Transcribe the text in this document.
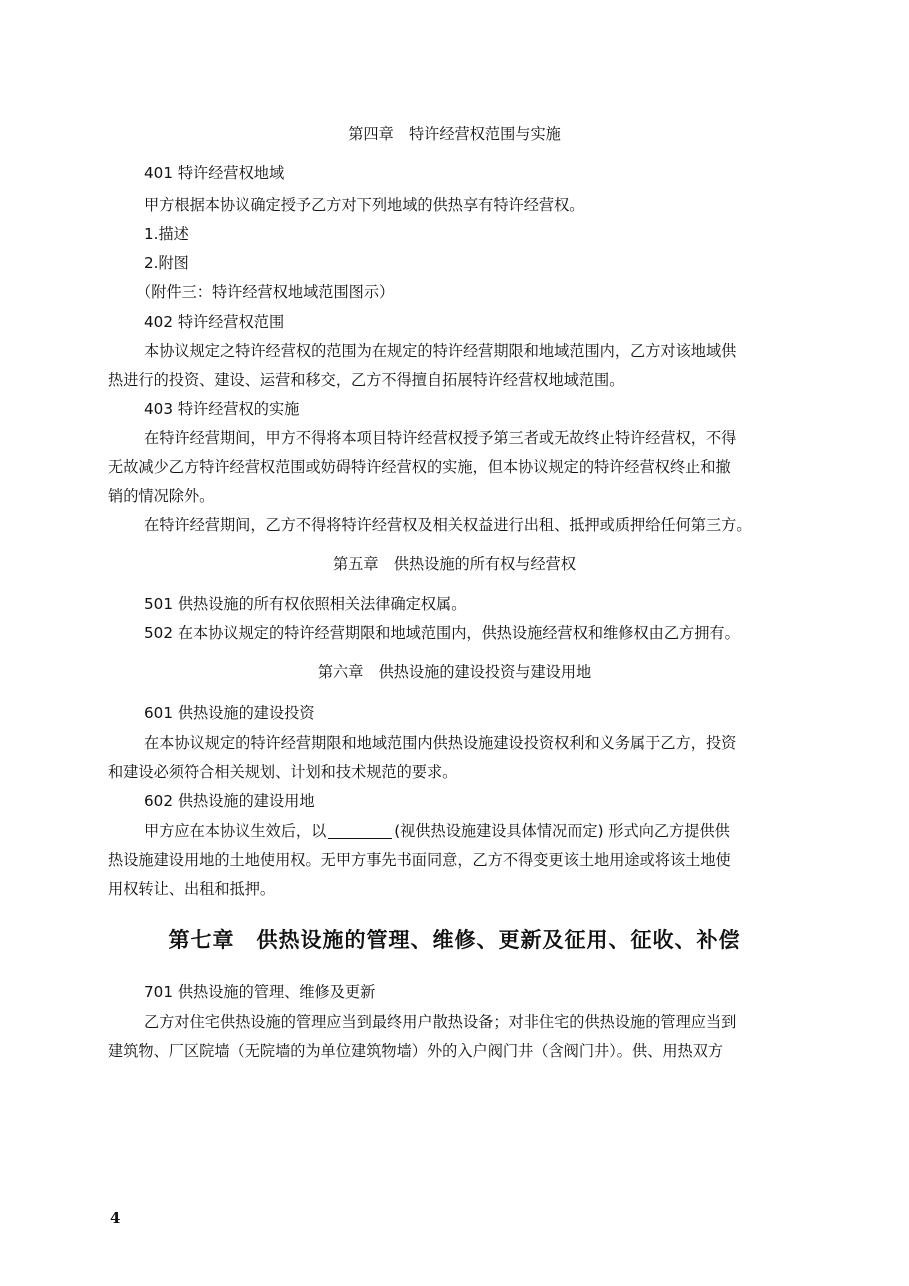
第四章　特许经营权范围与实施
401 特许经营权地域
甲方根据本协议确定授予乙方对下列地域的供热享有特许经营权。
1.描述
2.附图
（附件三：特许经营权地域范围图示）
402 特许经营权范围
本协议规定之特许经营权的范围为在规定的特许经营期限和地域范围内，乙方对该地域供
热进行的投资、建设、运营和移交，乙方不得擅自拓展特许经营权地域范围。
403 特许经营权的实施
在特许经营期间，甲方不得将本项目特许经营权授予第三者或无故终止特许经营权，不得
无故减少乙方特许经营权范围或妨碍特许经营权的实施，但本协议规定的特许经营权终止和撤
销的情况除外。
在特许经营期间，乙方不得将特许经营权及相关权益进行出租、抵押或质押给任何第三方。
第五章　供热设施的所有权与经营权
501 供热设施的所有权依照相关法律确定权属。
502 在本协议规定的特许经营期限和地域范围内，供热设施经营权和维修权由乙方拥有。
第六章　供热设施的建设投资与建设用地
601 供热设施的建设投资
在本协议规定的特许经营期限和地域范围内供热设施建设投资权利和义务属于乙方，投资
和建设必须符合相关规划、计划和技术规范的要求。
602 供热设施的建设用地
甲方应在本协议生效后，以	(视供热设施建设具体情况而定) 形式向乙方提供供
热设施建设用地的土地使用权。无甲方事先书面同意，乙方不得变更该土地用途或将该土地使
用权转让、出租和抵押。
第七章　供热设施的管理、维修、更新及征用、征收、补偿
701 供热设施的管理、维修及更新
乙方对住宅供热设施的管理应当到最终用户散热设备；对非住宅的供热设施的管理应当到
建筑物、厂区院墙（无院墙的为单位建筑物墙）外的入户阀门井（含阀门井）。供、用热双方
4
